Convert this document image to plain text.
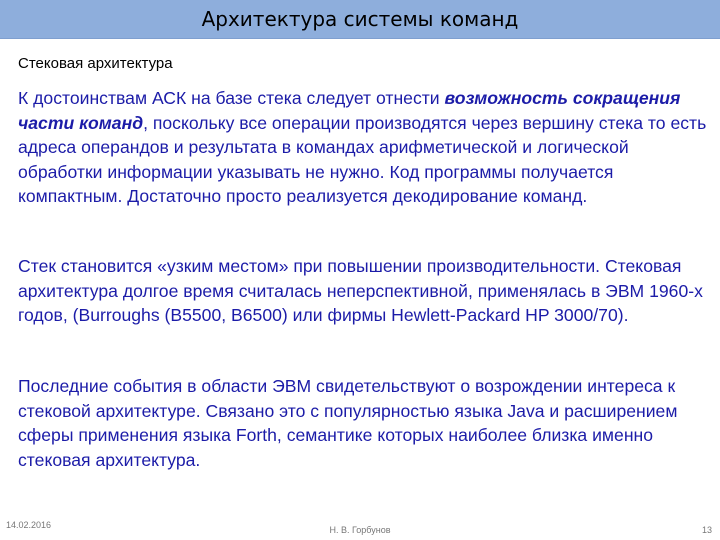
Архитектура системы команд
Стековая архитектура
К достоинствам АСК на базе стека следует отнести возможность сокращения части команд, поскольку все операции производятся через вершину стека то есть адреса операндов и результата в командах арифметической и логической обработки информации указывать не нужно. Код программы получается компактным. Достаточно просто реализуется декодирование команд.
Стек становится «узким местом» при повышении производительности. Стековая архитектура долгое время считалась неперспективной, применялась в ЭВМ 1960-х годов, (Burroughs (B5500, B6500) или фирмы Hewlett-Packard HP 3000/70).
Последние события в области ЭВМ свидетельствуют о возрождении интереса к стековой архитектуре. Связано это с популярностью языка Java и расширением сферы применения языка Forth, семантике которых наиболее близка именно стековая архитектура.
14.02.2016	Н. В. Горбунов	13
